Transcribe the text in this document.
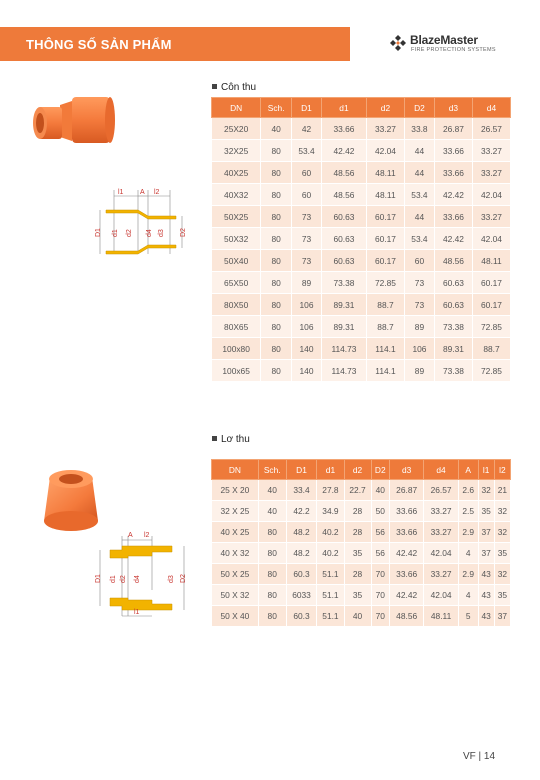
THÔNG SỐ SẢN PHẨM	BlazeMaster
FIRE PROTECTION SYSTEMS
Côn thu
l1 A l2
D1 d1 d2 d4 d3 D2
DN	Sch.	D1	d1	d2	D2	d3	d4
25X20	40	42	33.66	33.27	33.8	26.87	26.57
32X25	80	53.4	42.42	42.04	44	33.66	33.27
40X25	80	60	48.56	48.11	44	33.66	33.27
40X32	80	60	48.56	48.11	53.4	42.42	42.04
50X25	80	73	60.63	60.17	44	33.66	33.27
50X32	80	73	60.63	60.17	53.4	42.42	42.04
50X40	80	73	60.63	60.17	60	48.56	48.11
65X50	80	89	73.38	72.85	73	60.63	60.17
80X50	80	106	89.31	88.7	73	60.63	60.17
80X65	80	106	89.31	88.7	89	73.38	72.85
100x80	80	140	114.73	114.1	106	89.31	88.7
100x65	80	140	114.73	114.1	89	73.38	72.85
Lơ thu
A l2
l1
D1 d1 d2 d4	d3 D2
DN	Sch.	D1	d1	d2	D2	d3	d4	A	l1	l2
25 X 20	40	33.4	27.8	22.7	40	26.87	26.57	2.6	32	21
32 X 25	40	42.2	34.9	28	50	33.66	33.27	2.5	35	32
40 X 25	80	48.2	40.2	28	56	33.66	33.27	2.9	37	32
40 X 32	80	48.2	40.2	35	56	42.42	42.04	4	37	35
50 X 25	80	60.3	51.1	28	70	33.66	33.27	2.9	43	32
50 X 32	80	6033	51.1	35	70	42.42	42.04	4	43	35
50 X 40	80	60.3	51.1	40	70	48.56	48.11	5	43	37
VF | 14
